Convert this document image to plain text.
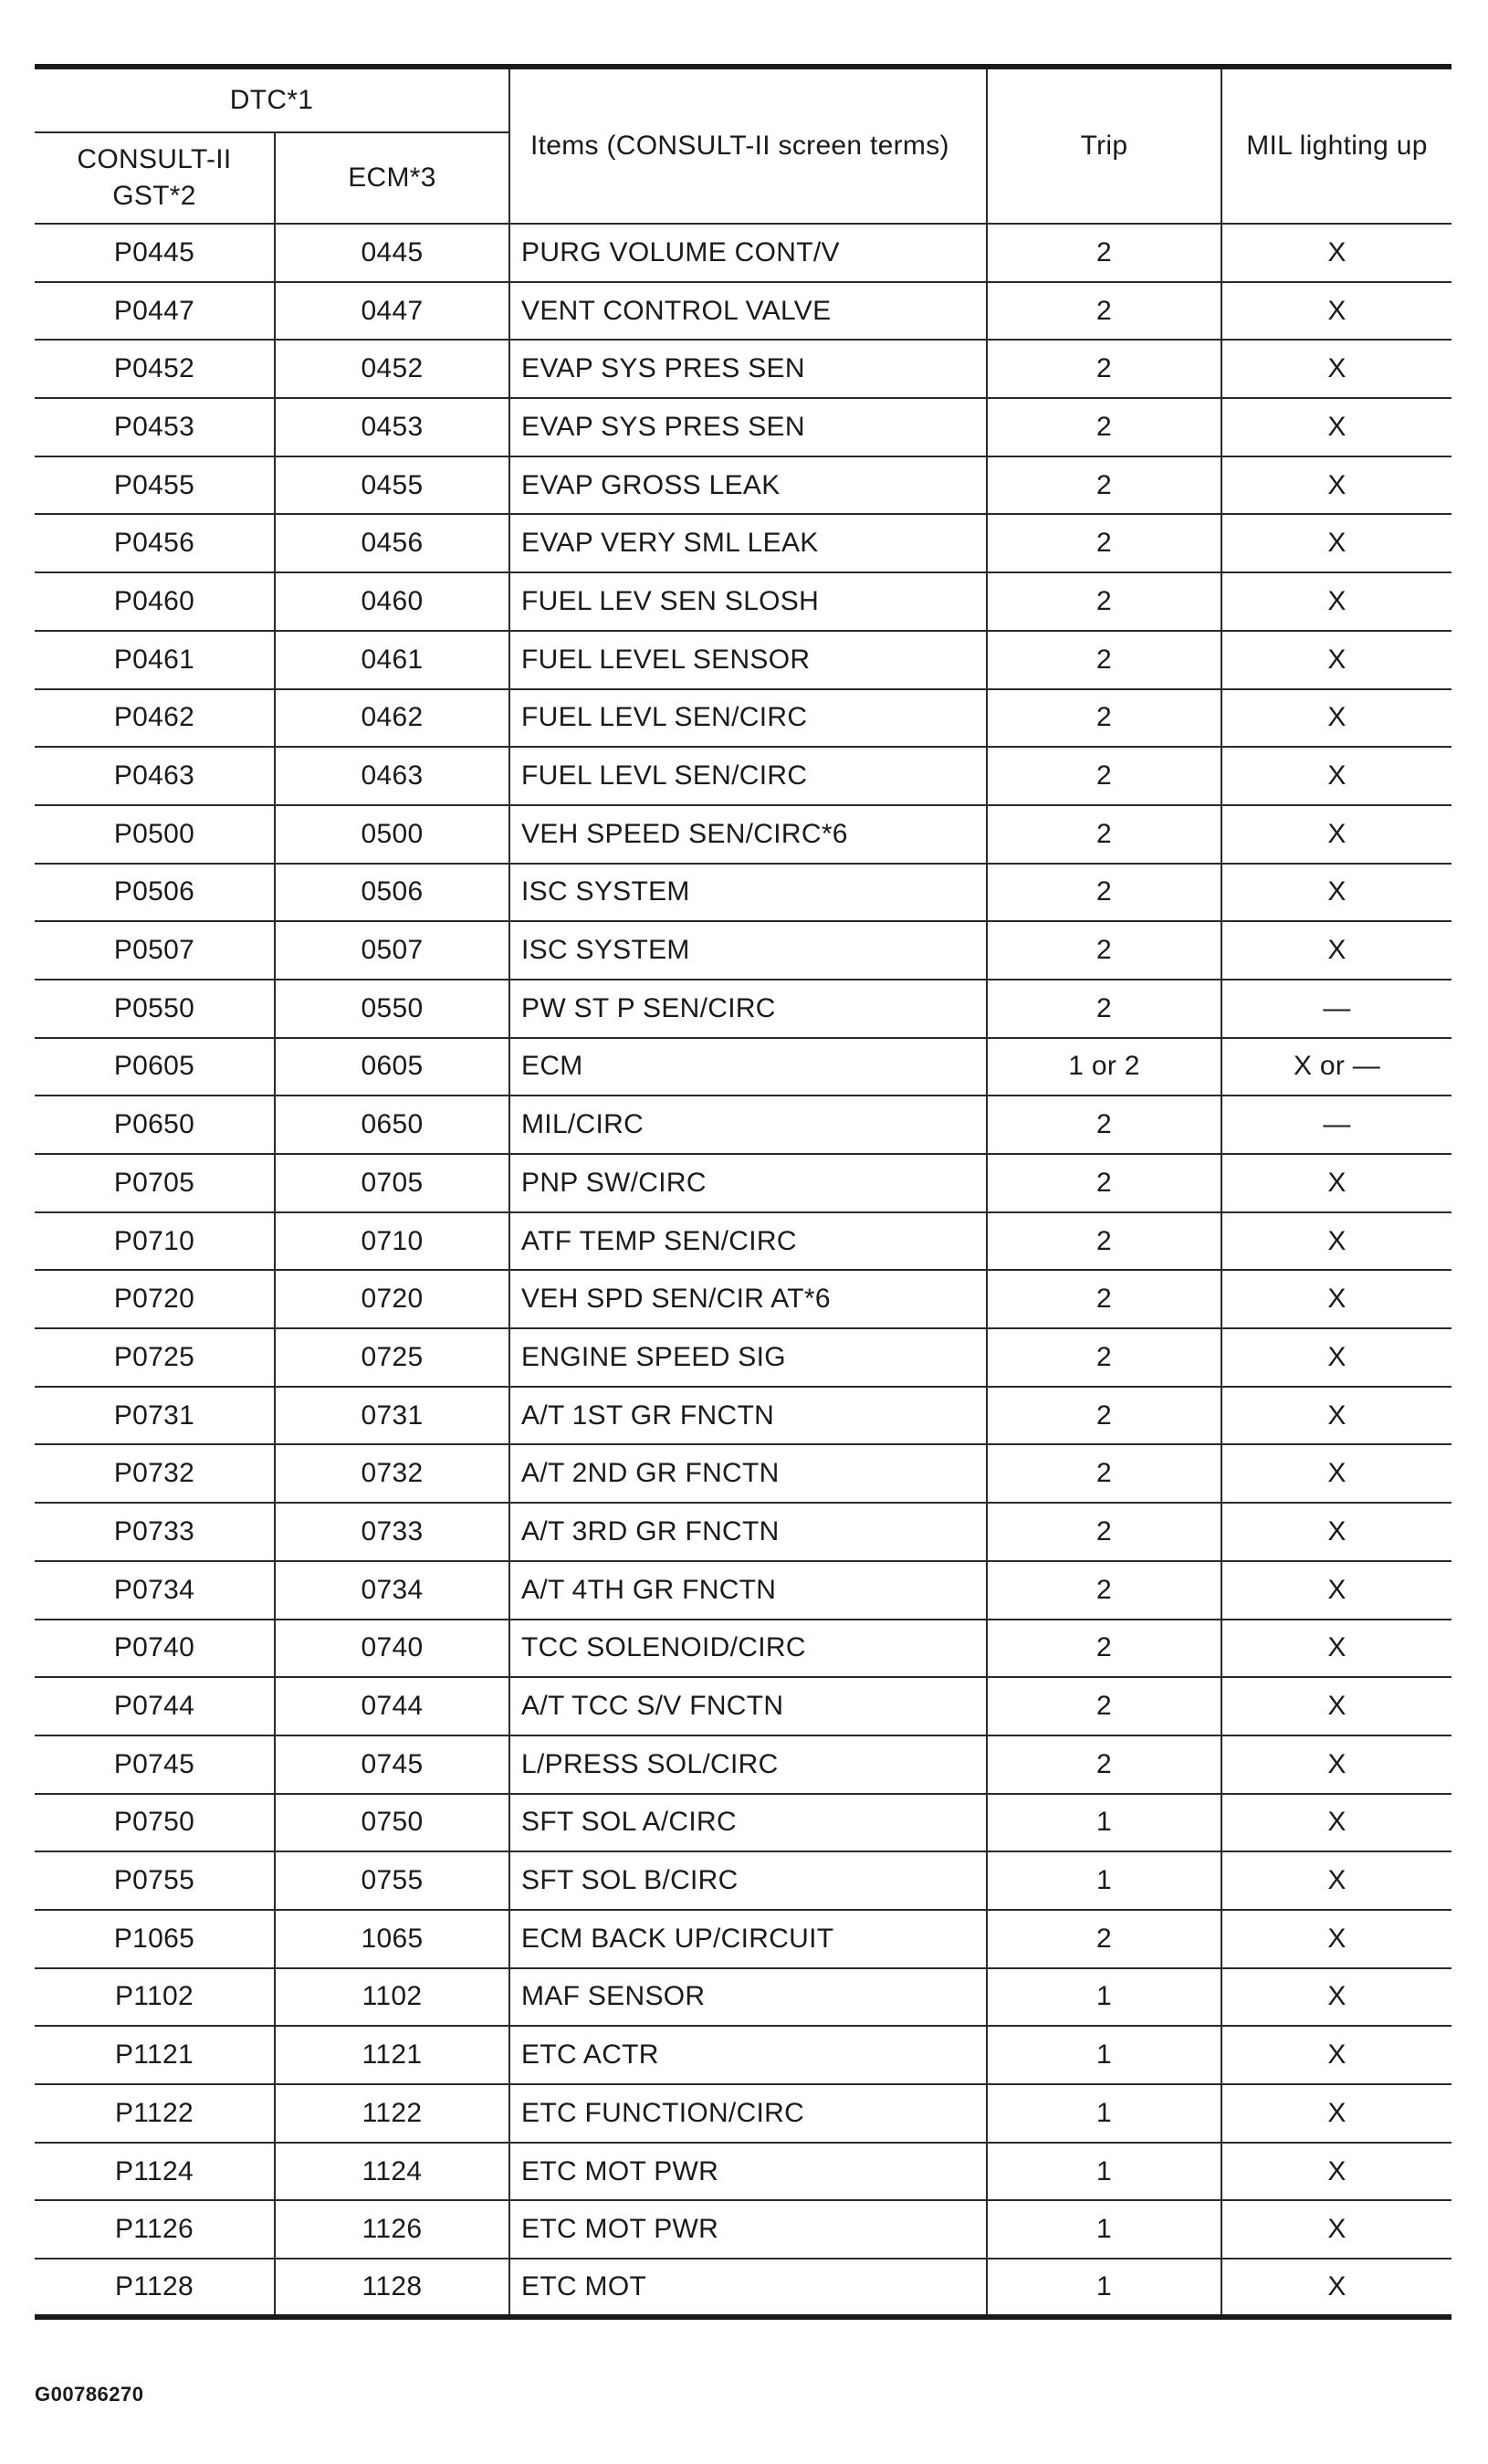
DTC*1		Items (CONSULT-II screen terms)	Trip	MIL lighting up
CONSULT-II GST*2	ECM*3			
P0445	0445	PURG VOLUME CONT/V	2	X
P0447	0447	VENT CONTROL VALVE	2	X
P0452	0452	EVAP SYS PRES SEN	2	X
P0453	0453	EVAP SYS PRES SEN	2	X
P0455	0455	EVAP GROSS LEAK	2	X
P0456	0456	EVAP VERY SML LEAK	2	X
P0460	0460	FUEL LEV SEN SLOSH	2	X
P0461	0461	FUEL LEVEL SENSOR	2	X
P0462	0462	FUEL LEVL SEN/CIRC	2	X
P0463	0463	FUEL LEVL SEN/CIRC	2	X
P0500	0500	VEH SPEED SEN/CIRC*6	2	X
P0506	0506	ISC SYSTEM	2	X
P0507	0507	ISC SYSTEM	2	X
P0550	0550	PW ST P SEN/CIRC	2	—
P0605	0605	ECM	1 or 2	X or —
P0650	0650	MIL/CIRC	2	—
P0705	0705	PNP SW/CIRC	2	X
P0710	0710	ATF TEMP SEN/CIRC	2	X
P0720	0720	VEH SPD SEN/CIR AT*6	2	X
P0725	0725	ENGINE SPEED SIG	2	X
P0731	0731	A/T 1ST GR FNCTN	2	X
P0732	0732	A/T 2ND GR FNCTN	2	X
P0733	0733	A/T 3RD GR FNCTN	2	X
P0734	0734	A/T 4TH GR FNCTN	2	X
P0740	0740	TCC SOLENOID/CIRC	2	X
P0744	0744	A/T TCC S/V FNCTN	2	X
P0745	0745	L/PRESS SOL/CIRC	2	X
P0750	0750	SFT SOL A/CIRC	1	X
P0755	0755	SFT SOL B/CIRC	1	X
P1065	1065	ECM BACK UP/CIRCUIT	2	X
P1102	1102	MAF SENSOR	1	X
P1121	1121	ETC ACTR	1	X
P1122	1122	ETC FUNCTION/CIRC	1	X
P1124	1124	ETC MOT PWR	1	X
P1126	1126	ETC MOT PWR	1	X
P1128	1128	ETC MOT	1	X
G00786270
